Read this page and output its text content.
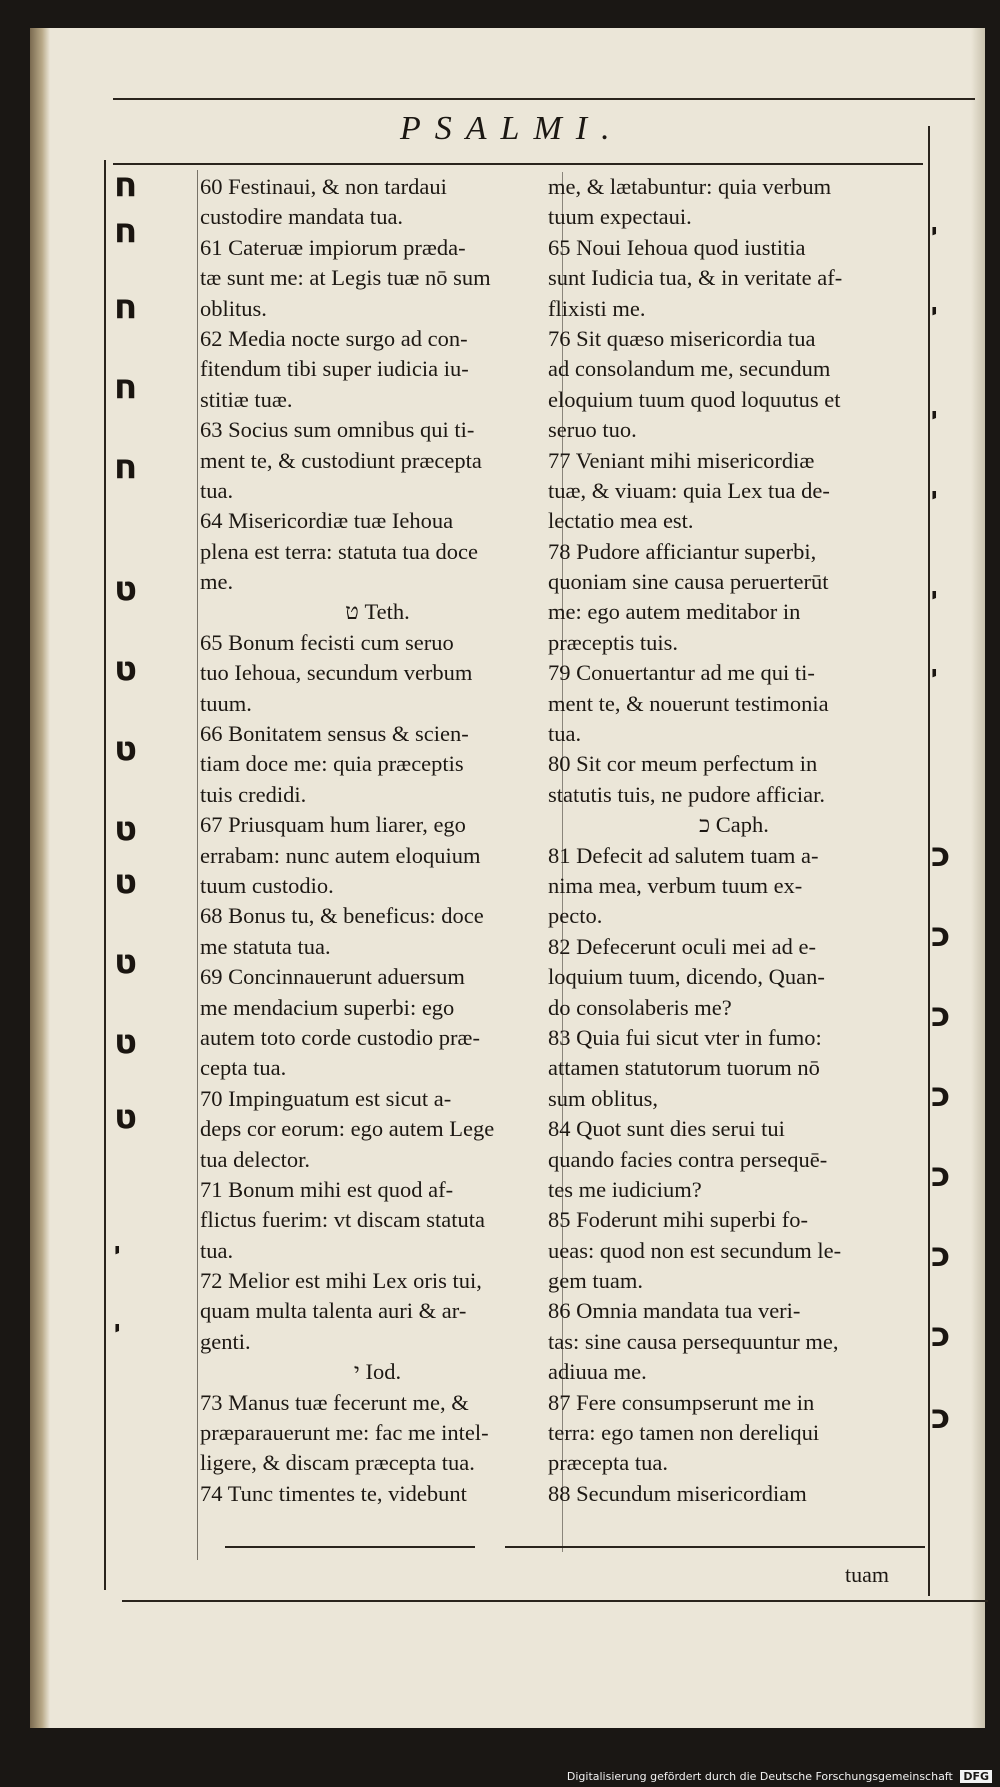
PSALMI.
60 Festinaui, & non tardaui
custodire mandata tua.
61 Cateruæ impiorum præda-
tæ sunt me: at Legis tuæ nō sum
oblitus.
62 Media nocte surgo ad con-
fitendum tibi super iudicia iu-
stitiæ tuæ.
63 Socius sum omnibus qui ti-
ment te, & custodiunt præcepta
tua.
64 Misericordiæ tuæ Iehoua
plena est terra: statuta tua doce
me.
ט Teth.
65 Bonum fecisti cum seruo
tuo Iehoua, secundum verbum
tuum.
66 Bonitatem sensus & scien-
tiam doce me: quia præceptis
tuis credidi.
67 Priusquam hum liarer, ego
errabam: nunc autem eloquium
tuum custodio.
68 Bonus tu, & beneficus: doce
me statuta tua.
69 Concinnauerunt aduersum
me mendacium superbi: ego
autem toto corde custodio præ-
cepta tua.
70 Impinguatum est sicut a-
deps cor eorum: ego autem Lege
tua delector.
71 Bonum mihi est quod af-
flictus fuerim: vt discam statuta
tua.
72 Melior est mihi Lex oris tui,
quam multa talenta auri & ar-
genti.
י Iod.
73 Manus tuæ fecerunt me, &
præparauerunt me: fac me intel-
ligere, & discam præcepta tua.
74 Tunc timentes te, videbunt
me, & lætabuntur: quia verbum
tuum expectaui.
65 Noui Iehoua quod iustitia
sunt Iudicia tua, & in veritate af-
flixisti me.
76 Sit quæso misericordia tua
ad consolandum me, secundum
eloquium tuum quod loquutus et
seruo tuo.
77 Veniant mihi misericordiæ
tuæ, & viuam: quia Lex tua de-
lectatio mea est.
78 Pudore afficiantur superbi,
quoniam sine causa peruerterūt
me: ego autem meditabor in
præceptis tuis.
79 Conuertantur ad me qui ti-
ment te, & nouerunt testimonia
tua.
80 Sit cor meum perfectum in
statutis tuis, ne pudore afficiar.
כ Caph.
81 Defecit ad salutem tuam a-
nima mea, verbum tuum ex-
pecto.
82 Defecerunt oculi mei ad e-
loquium tuum, dicendo, Quan-
do consolaberis me?
83 Quia fui sicut vter in fumo:
attamen statutorum tuorum nō
sum oblitus,
84 Quot sunt dies serui tui
quando facies contra persequē-
tes me iudicium?
85 Foderunt mihi superbi fo-
ueas: quod non est secundum le-
gem tuam.
86 Omnia mandata tua veri-
tas: sine causa persequuntur me,
adiuua me.
87 Fere consumpserunt me in
terra: ego tamen non dereliqui
præcepta tua.
88 Secundum misericordiam
ח
ח
ח
ח
ח
ט
ט
ט
ט
ט
ט
ט
ט
י
י
י
י
י
י
י
י
כ
כ
כ
כ
כ
כ
כ
כ
tuam
Digitalisierung gefördert durch die Deutsche Forschungsgemeinschaft DFG
